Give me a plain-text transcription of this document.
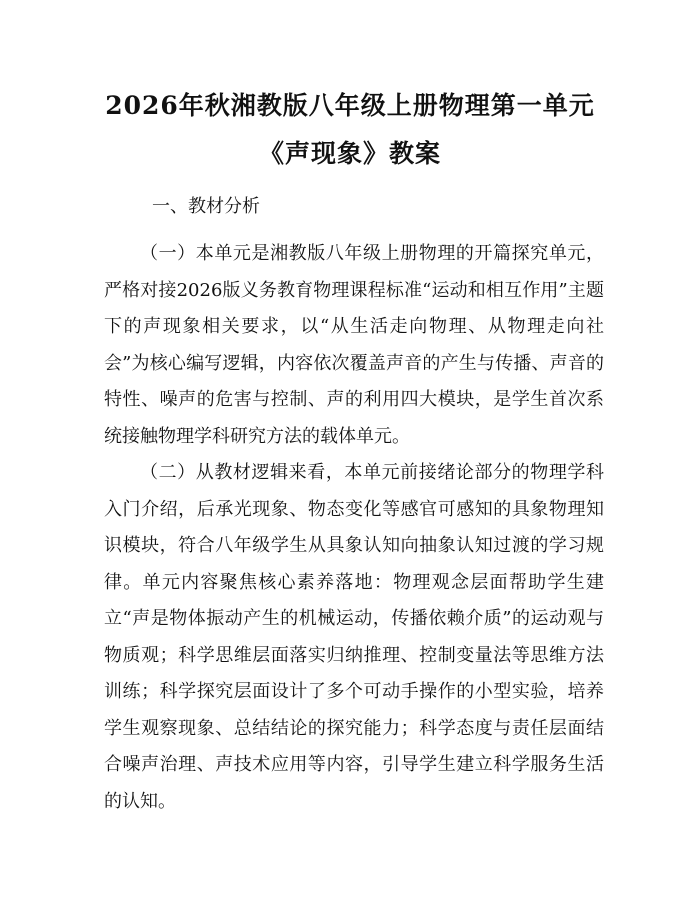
2026年秋湘教版八年级上册物理第一单元
《声现象》教案
一、教材分析
（一）本单元是湘教版八年级上册物理的开篇探究单元，严格对接2026版义务教育物理课程标准“运动和相互作用”主题下的声现象相关要求，以“从生活走向物理、从物理走向社会”为核心编写逻辑，内容依次覆盖声音的产生与传播、声音的特性、噪声的危害与控制、声的利用四大模块，是学生首次系统接触物理学科研究方法的载体单元。
（二）从教材逻辑来看，本单元前接绪论部分的物理学科入门介绍，后承光现象、物态变化等感官可感知的具象物理知识模块，符合八年级学生从具象认知向抽象认知过渡的学习规律。单元内容聚焦核心素养落地：物理观念层面帮助学生建立“声是物体振动产生的机械运动，传播依赖介质”的运动观与物质观；科学思维层面落实归纳推理、控制变量法等思维方法训练；科学探究层面设计了多个可动手操作的小型实验，培养学生观察现象、总结结论的探究能力；科学态度与责任层面结合噪声治理、声技术应用等内容，引导学生建立科学服务生活的认知。
